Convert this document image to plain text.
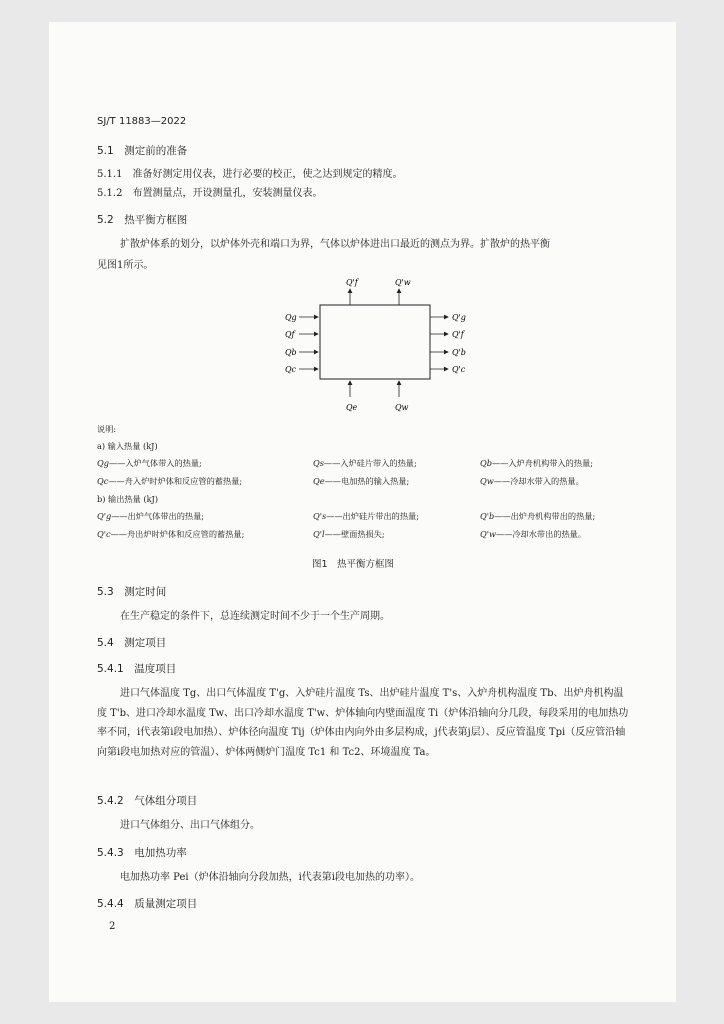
SJ/T 11883—2022
5.1  测定前的准备
5.1.1  准备好测定用仪表，进行必要的校正，使之达到规定的精度。
5.1.2  布置测量点，开设测量孔，安装测量仪表。
5.2  热平衡方框图
扩散炉体系的划分，以炉体外壳和端口为界，气体以炉体进出口最近的测点为界。扩散炉的热平衡
见图1所示。
Q'f	Q'w
Qg
Qf
Qb
Qc
Q'g
Q'f
Q'b
Q'c
Qe	Qw
说明:
a) 输入热量 (kJ)
Qg——入炉气体带入的热量;	Qs——入炉硅片带入的热量;	Qb——入炉舟机构带入的热量;
Qc——舟入炉时炉体和反应管的蓄热量;	Qe——电加热的输入热量;	Qw——冷却水带入的热量。
b) 输出热量 (kJ)
Q'g——出炉气体带出的热量;	Q's——出炉硅片带出的热量;	Q'b——出炉舟机构带出的热量;
Q'c——舟出炉时炉体和反应管的蓄热量;	Q'l——壁面热损失;	Q'w——冷却水带出的热量。
图1　热平衡方框图
5.3  测定时间
在生产稳定的条件下，总连续测定时间不少于一个生产周期。
5.4  测定项目
5.4.1  温度项目
进口气体温度 Tg、出口气体温度 T'g、入炉硅片温度 Ts、出炉硅片温度 T's、入炉舟机构温度 Tb、出炉舟机构温度 T'b、进口冷却水温度 Tw、出口冷却水温度 T'w、炉体轴向内壁面温度 Ti（炉体沿轴向分几段，每段采用的电加热功率不同，i代表第i段电加热）、炉体径向温度 Tij（炉体由内向外由多层构成，j代表第j层）、反应管温度 Tpi（反应管沿轴向第i段电加热对应的管温）、炉体两侧炉门温度 Tc1 和 Tc2、环境温度 Ta。
5.4.2  气体组分项目
进口气体组分、出口气体组分。
5.4.3  电加热功率
电加热功率 Pei（炉体沿轴向分段加热，i代表第i段电加热的功率）。
5.4.4  质量测定项目
2
